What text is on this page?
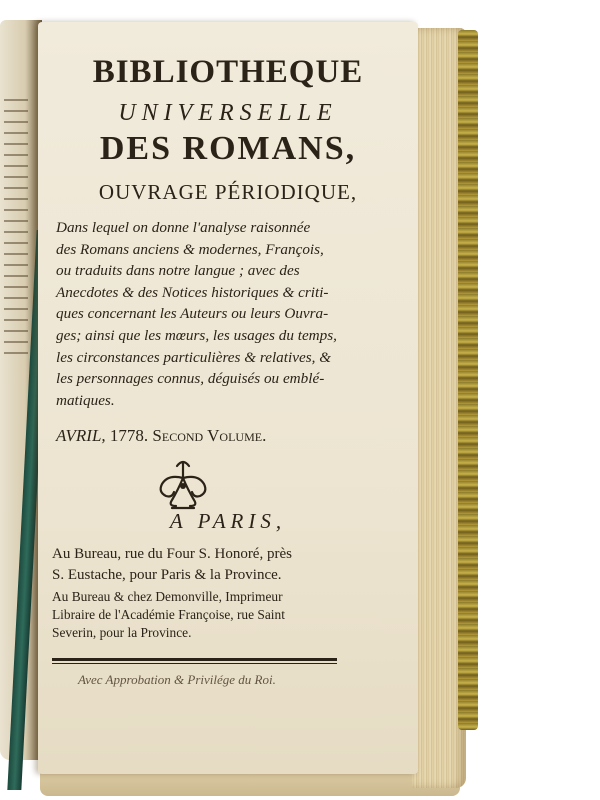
BIBLIOTHEQUE
UNIVERSELLE
DES ROMANS,
OUVRAGE PÉRIODIQUE,
Dans lequel on donne l'analyse raisonnée
des Romans anciens & modernes, François,
ou traduits dans notre langue ; avec des
Anecdotes & des Notices historiques & criti-
ques concernant les Auteurs ou leurs Ouvra-
ges; ainsi que les mœurs, les usages du temps,
les circonstances particulières & relatives, &
les personnages connus, déguisés ou emblé-
matiques.
AVRIL, 1778. Second Volume.
A PARIS,
Au Bureau, rue du Four S. Honoré, près
S. Eustache, pour Paris & la Province.
Au Bureau & chez Demonville, Imprimeur
Libraire de l'Académie Françoise, rue Saint
Severin, pour la Province.
Avec Approbation & Privilége du Roi.
